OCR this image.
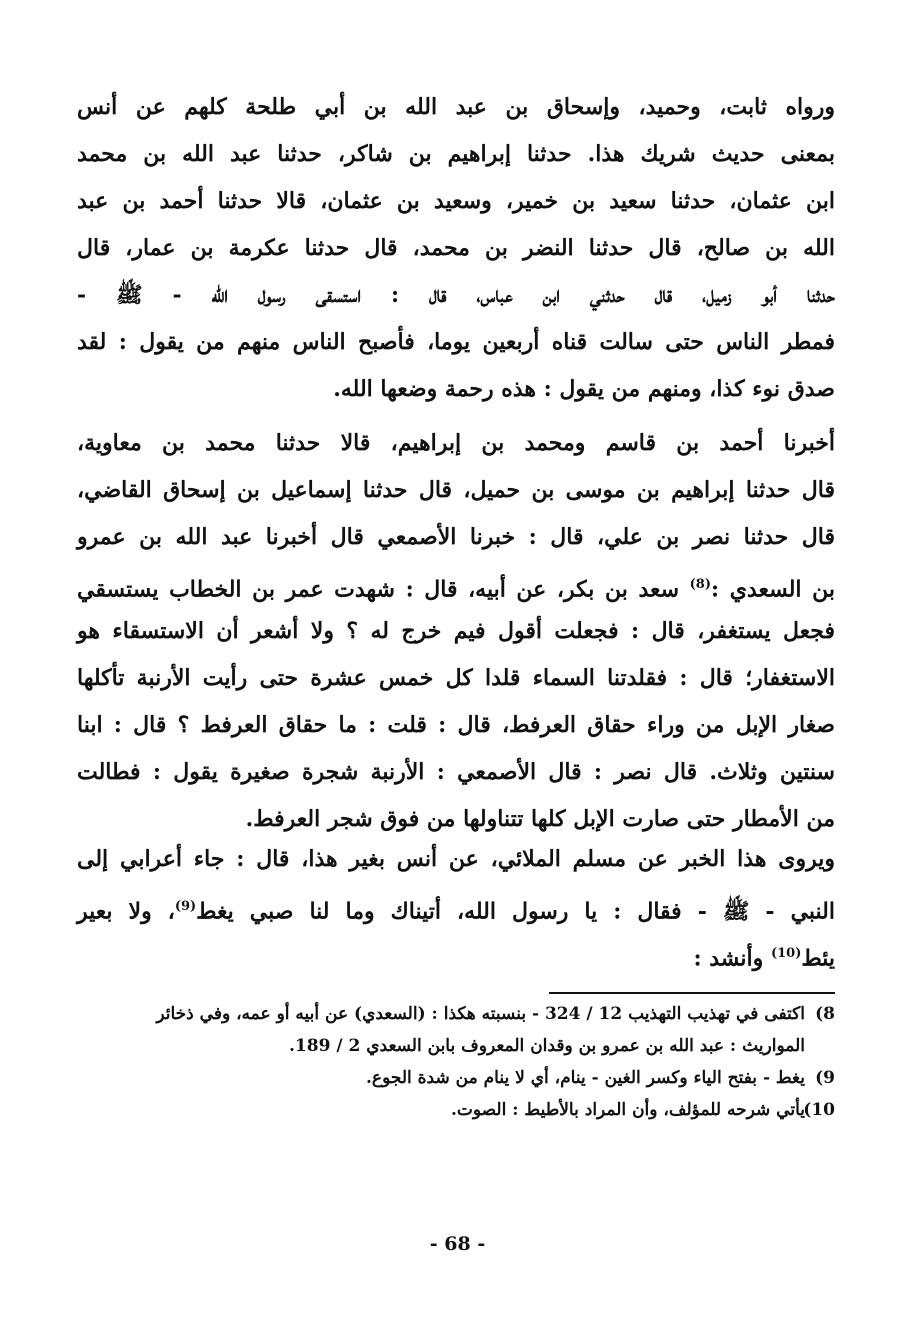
ورواه ثابت، وحميد، وإسحاق بن عبد الله بن أبي طلحة كلهم عن أنس
بمعنى حديث شريك هذا. حدثنا إبراهيم بن شاكر، حدثنا عبد الله بن محمد
ابن عثمان، حدثنا سعيد بن خمير، وسعيد بن عثمان، قالا حدثنا أحمد بن عبد
الله بن صالح، قال حدثنا النضر بن محمد، قال حدثنا عكرمة بن عمار، قال
حدثنا أبو زميل، قال حدثني ابن عباس، قال : استسقى رسول الله - ﷺ -
فمطر الناس حتى سالت قناه أربعين يوما، فأصبح الناس منهم من يقول : لقد
صدق نوء كذا، ومنهم من يقول : هذه رحمة وضعها الله.
أخبرنا أحمد بن قاسم ومحمد بن إبراهيم، قالا حدثنا محمد بن معاوية،
قال حدثنا إبراهيم بن موسى بن حميل، قال حدثنا إسماعيل بن إسحاق القاضي،
قال حدثنا نصر بن علي، قال : خبرنا الأصمعي قال أخبرنا عبد الله بن عمرو
بن السعدي :$^{(8)}$ سعد بن بكر، عن أبيه، قال : شهدت عمر بن الخطاب يستسقي
فجعل يستغفر، قال : فجعلت أقول فيم خرج له ؟ ولا أشعر أن الاستسقاء هو
الاستغفار؛ قال : فقلدتنا السماء قلدا كل خمس عشرة حتى رأيت الأرنبة تأكلها
صغار الإبل من وراء حقاق العرفط، قال : قلت : ما حقاق العرفط ؟ قال : ابنا
سنتين وثلاث. قال نصر : قال الأصمعي : الأرنبة شجرة صغيرة يقول : فطالت
من الأمطار حتى صارت الإبل كلها تتناولها من فوق شجر العرفط.
ويروى هذا الخبر عن مسلم الملائي، عن أنس بغير هذا، قال : جاء أعرابي إلى
النبي - ﷺ - فقال : يا رسول الله، أتيناك وما لنا صبي يغط$^{(9)}$، ولا بعير
يئط$^{(10)}$ وأنشد :
8)اكتفى في تهذيب التهذيب 12 / 324 - بنسبته هكذا : (السعدي) عن أبيه أو عمه، وفي ذخائر
المواريث : عبد الله بن عمرو بن وقدان المعروف بابن السعدي 2 / 189.
9)يغط - بفتح الياء وكسر الغين - ينام، أي لا ينام من شدة الجوع.
10)يأتي شرحه للمؤلف، وأن المراد بالأطيط : الصوت.
- 68 -
